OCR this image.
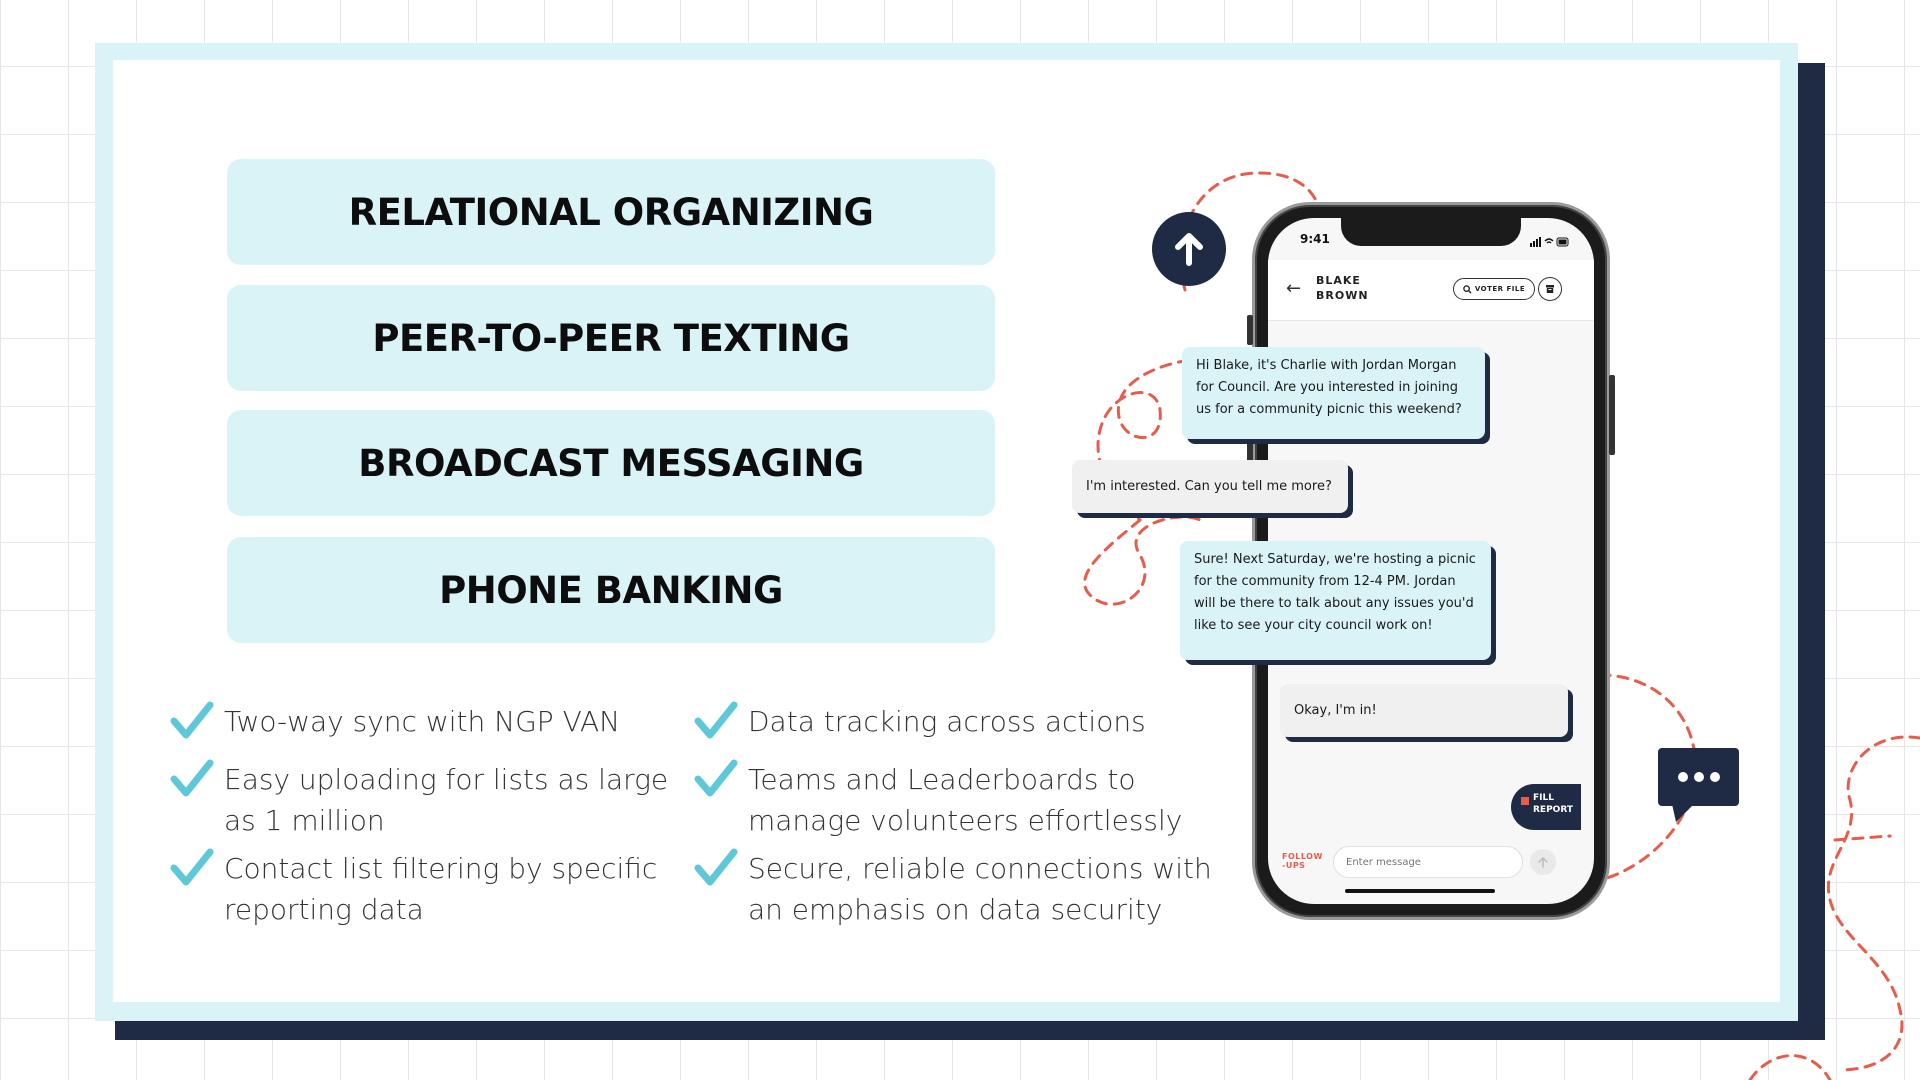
RELATIONAL ORGANIZING
PEER-TO-PEER TEXTING
BROADCAST MESSAGING
PHONE BANKING
Two-way sync with NGP VAN
Easy uploading for lists as large as 1 million
Contact list filtering by specific reporting data
Data tracking across actions
Teams and Leaderboards to manage volunteers effortlessly
Secure, reliable connections with an emphasis on data security
9:41
← BLAKE BROWN	VOTER FILE
FILL REPORT
FOLLOW -UPS
Enter message
Hi Blake, it's Charlie with Jordan Morgan for Council. Are you interested in joining us for a community picnic this weekend?
I'm interested. Can you tell me more?
Sure! Next Saturday, we're hosting a picnic for the community from 12-4 PM. Jordan will be there to talk about any issues you'd like to see your city council work on!
Okay, I'm in!
